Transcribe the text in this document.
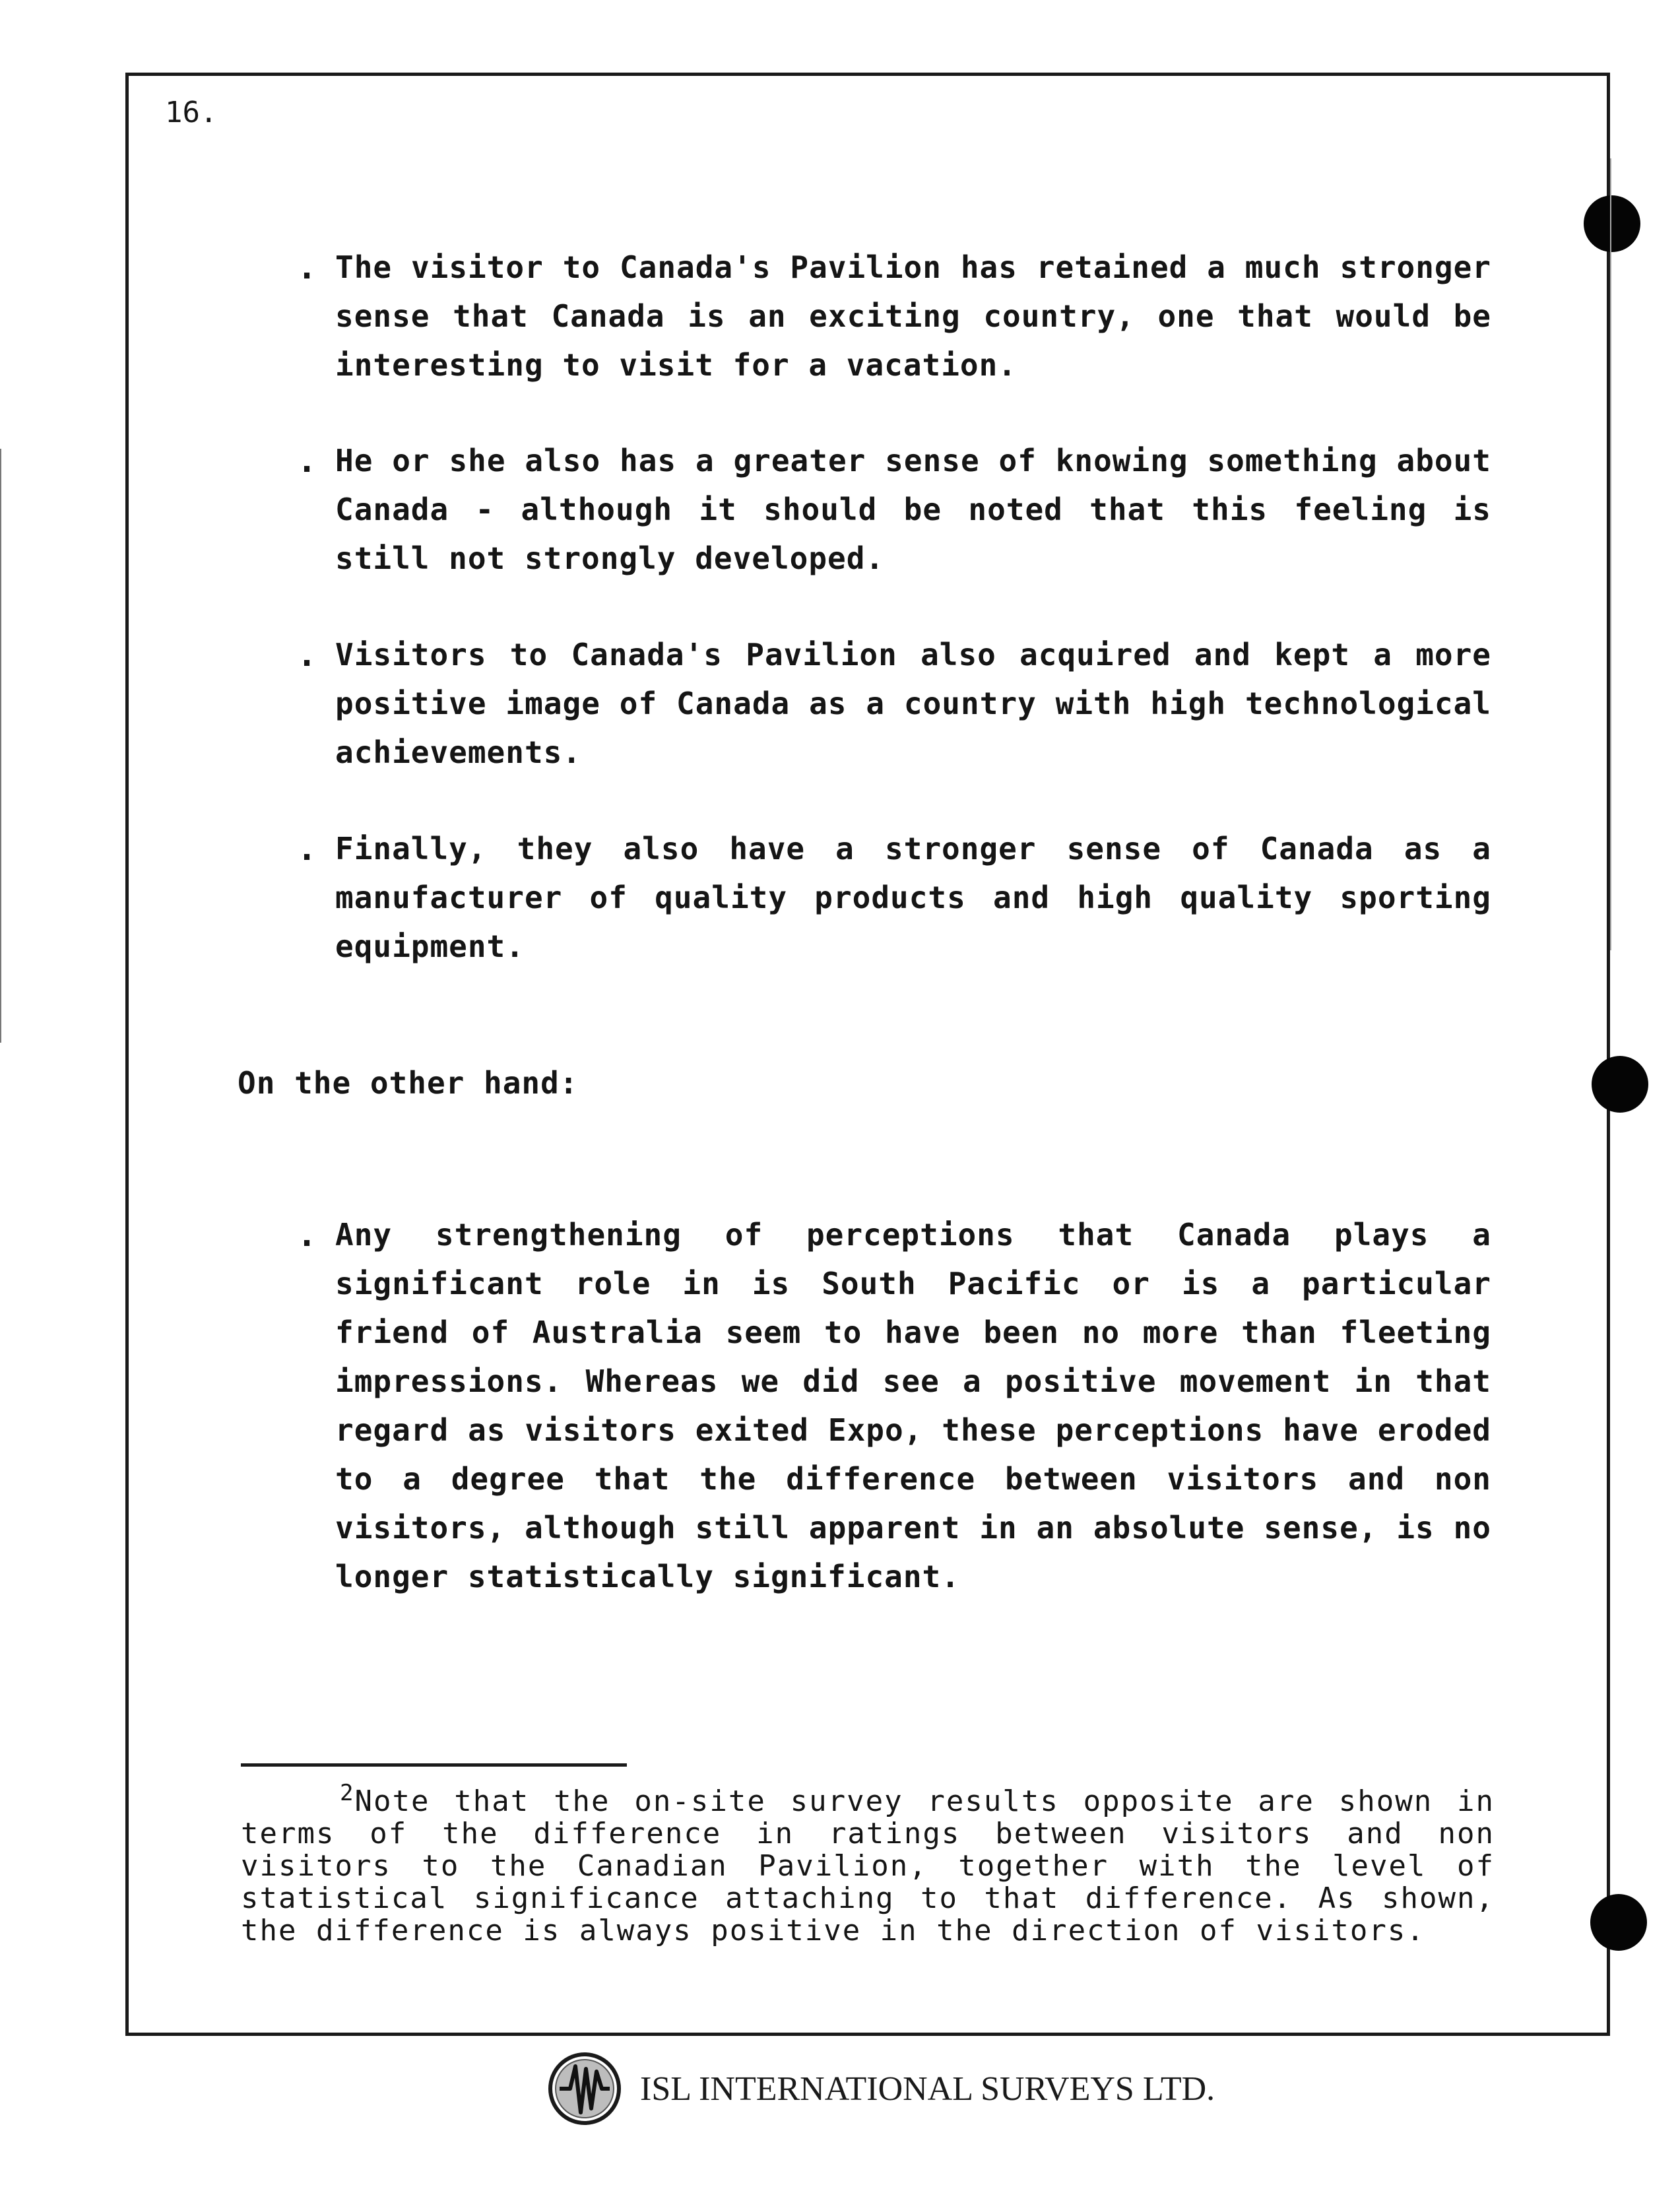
16.
. The visitor to Canada's Pavilion has retained a much stronger sense that Canada is an exciting country, one that would be interesting to visit for a vacation.
. He or she also has a greater sense of knowing something about Canada - although it should be noted that this feeling is still not strongly developed.
. Visitors to Canada's Pavilion also acquired and kept a more positive image of Canada as a country with high technological achievements.
. Finally, they also have a stronger sense of Canada as a manufacturer of quality products and high quality sporting equipment.
On the other hand:
. Any strengthening of perceptions that Canada plays a significant role in is South Pacific or is a particular friend of Australia seem to have been no more than fleeting impressions. Whereas we did see a positive movement in that regard as visitors exited Expo, these perceptions have eroded to a degree that the difference between visitors and non visitors, although still apparent in an absolute sense, is no longer statistically significant.
$^2$Note that the on-site survey results opposite are shown in terms of the difference in ratings between visitors and non visitors to the Canadian Pavilion, together with the level of statistical significance attaching to that difference. As shown, the difference is always positive in the direction of visitors.
ISL INTERNATIONAL SURVEYS LTD.
